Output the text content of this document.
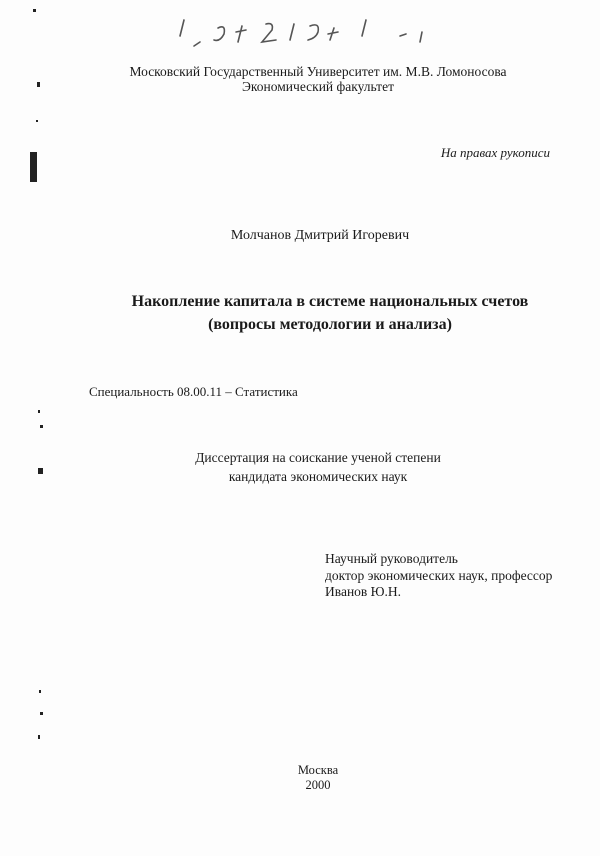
Московский Государственный Университет им. М.В. Ломоносова
Экономический факультет
На правах рукописи
Молчанов Дмитрий Игоревич
Накопление капитала в системе национальных счетов
(вопросы методологии и анализа)
Специальность 08.00.11 – Статистика
Диссертация на соискание ученой степени
кандидата экономических наук
Научный руководитель
доктор экономических наук, профессор
Иванов Ю.Н.
Москва
2000
